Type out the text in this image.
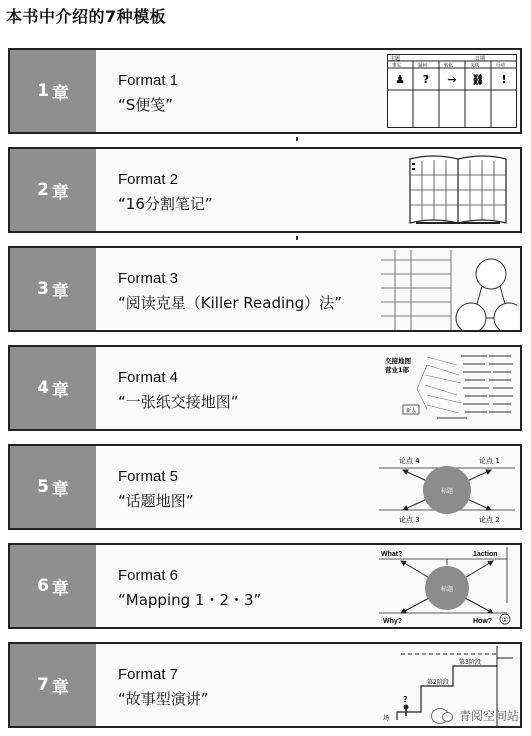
本书中介绍的7种模板
1 章
Format 1
“S便笺”
主题	日期
事实	疑问	转化	关联	行动
♟ ? → ⛓ !
2 章
Format 2
“16分割笔记”
3 章
Format 3
“阅读克星（Killer Reading）法”
4 章
Format 4
“一张纸交接地图”
交接地图
营业1部
新人
5 章
Format 5
“话题地图”
标题
论点 4	论点 1
论点 3	论点 2
6 章
Format 6
“Mapping 1・2・3”
标题
What?	1action
Why?	How? ①
7 章
Format 7
“故事型演讲”
第3阶段
第2阶段
场
?
青阅空间站
